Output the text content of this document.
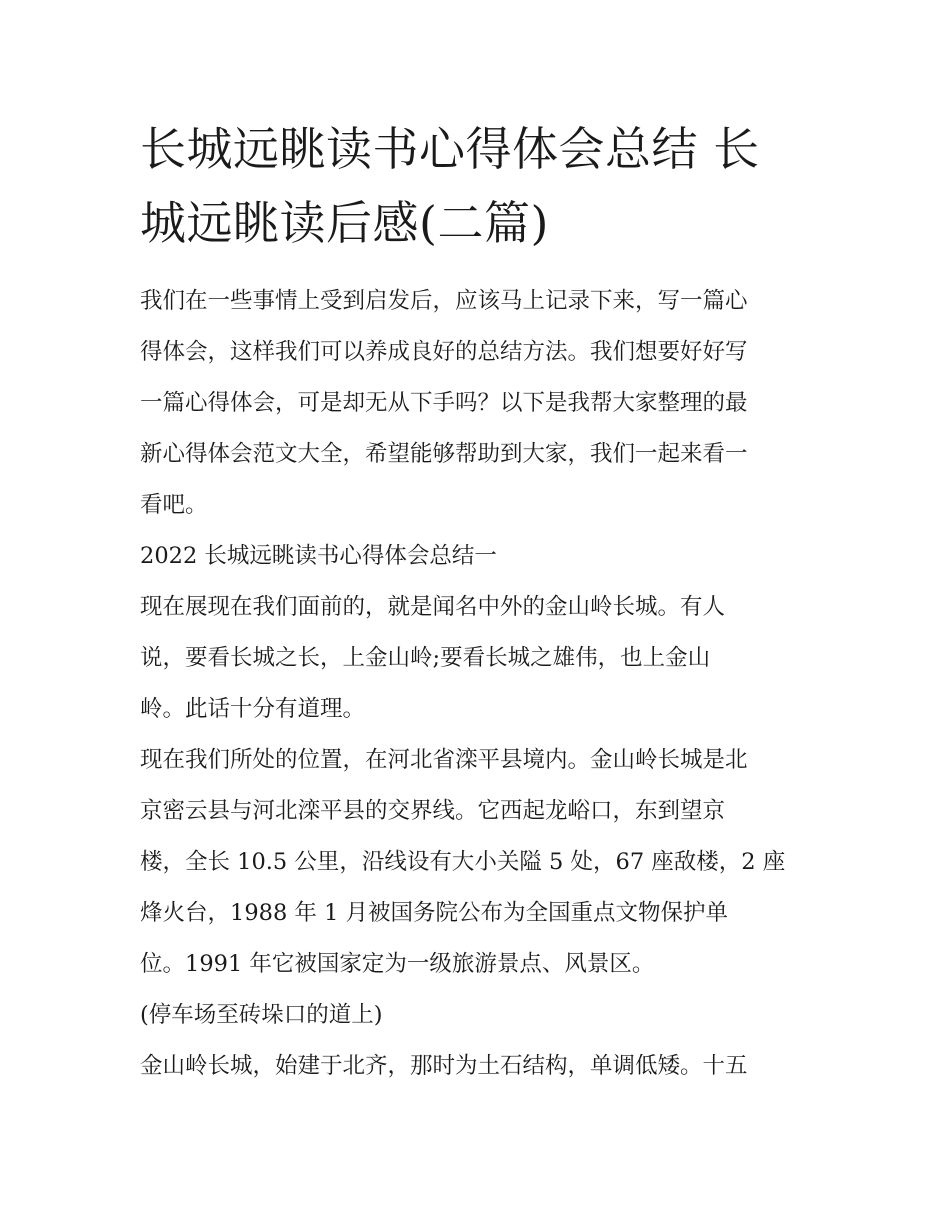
长城远眺读书心得体会总结 长
城远眺读后感(二篇)

我们在一些事情上受到启发后，应该马上记录下来，写一篇心

得体会，这样我们可以养成良好的总结方法。我们想要好好写

一篇心得体会，可是却无从下手吗？以下是我帮大家整理的最

新心得体会范文大全，希望能够帮助到大家，我们一起来看一

看吧。

2022 长城远眺读书心得体会总结一

现在展现在我们面前的，就是闻名中外的金山岭长城。有人

说，要看长城之长，上金山岭;要看长城之雄伟，也上金山

岭。此话十分有道理。

现在我们所处的位置，在河北省滦平县境内。金山岭长城是北

京密云县与河北滦平县的交界线。它西起龙峪口，东到望京

楼，全长 10.5 公里，沿线设有大小关隘 5 处，67 座敌楼，2 座

烽火台，1988 年 1 月被国务院公布为全国重点文物保护单

位。1991 年它被国家定为一级旅游景点、风景区。

(停车场至砖垛口的道上)

金山岭长城，始建于北齐，那时为土石结构，单调低矮。十五
